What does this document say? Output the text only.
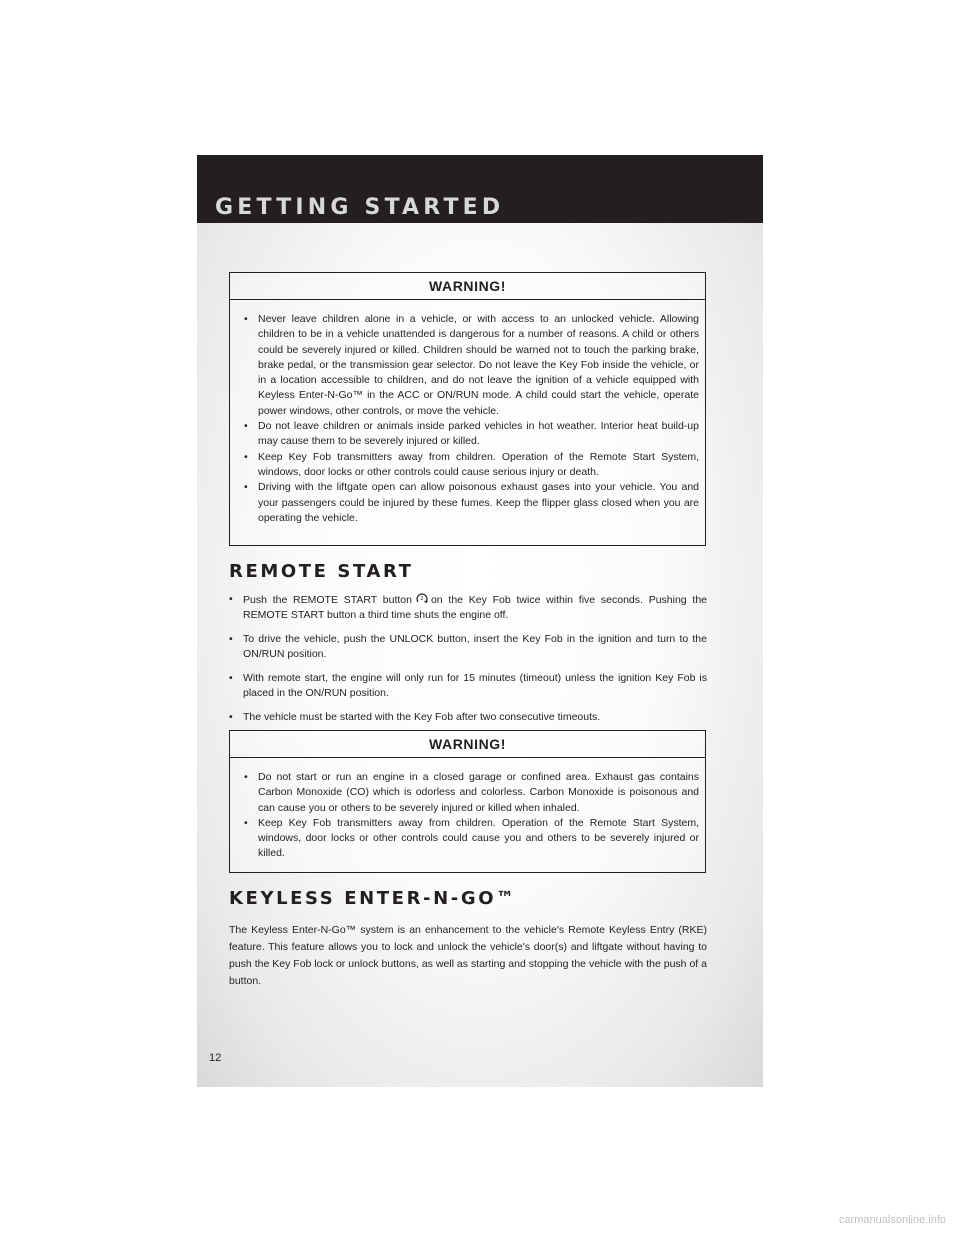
GETTING STARTED
WARNING!
• Never leave children alone in a vehicle, or with access to an unlocked vehicle. Allowing children to be in a vehicle unattended is dangerous for a number of reasons. A child or others could be severely injured or killed. Children should be warned not to touch the parking brake, brake pedal, or the transmission gear selector. Do not leave the Key Fob inside the vehicle, or in a location accessible to children, and do not leave the ignition of a vehicle equipped with Keyless Enter-N-Go™ in the ACC or ON/RUN mode. A child could start the vehicle, operate power windows, other controls, or move the vehicle.
• Do not leave children or animals inside parked vehicles in hot weather. Interior heat build-up may cause them to be severely injured or killed.
• Keep Key Fob transmitters away from children. Operation of the Remote Start System, windows, door locks or other controls could cause serious injury or death.
• Driving with the liftgate open can allow poisonous exhaust gases into your vehicle. You and your passengers could be injured by these fumes. Keep the flipper glass closed when you are operating the vehicle.
REMOTE START
• Push the REMOTE START button 2 on the Key Fob twice within five seconds. Pushing the REMOTE START button a third time shuts the engine off.
• To drive the vehicle, push the UNLOCK button, insert the Key Fob in the ignition and turn to the ON/RUN position.
• With remote start, the engine will only run for 15 minutes (timeout) unless the ignition Key Fob is placed in the ON/RUN position.
• The vehicle must be started with the Key Fob after two consecutive timeouts.
WARNING!
• Do not start or run an engine in a closed garage or confined area. Exhaust gas contains Carbon Monoxide (CO) which is odorless and colorless. Carbon Monoxide is poisonous and can cause you or others to be severely injured or killed when inhaled.
• Keep Key Fob transmitters away from children. Operation of the Remote Start System, windows, door locks or other controls could cause you and others to be severely injured or killed.
KEYLESS ENTER-N-GO™

The Keyless Enter-N-Go™ system is an enhancement to the vehicle's Remote Keyless Entry (RKE) feature. This feature allows you to lock and unlock the vehicle's door(s) and liftgate without having to push the Key Fob lock or unlock buttons, as well as starting and stopping the vehicle with the push of a button.

12
carmanualsonline.info
